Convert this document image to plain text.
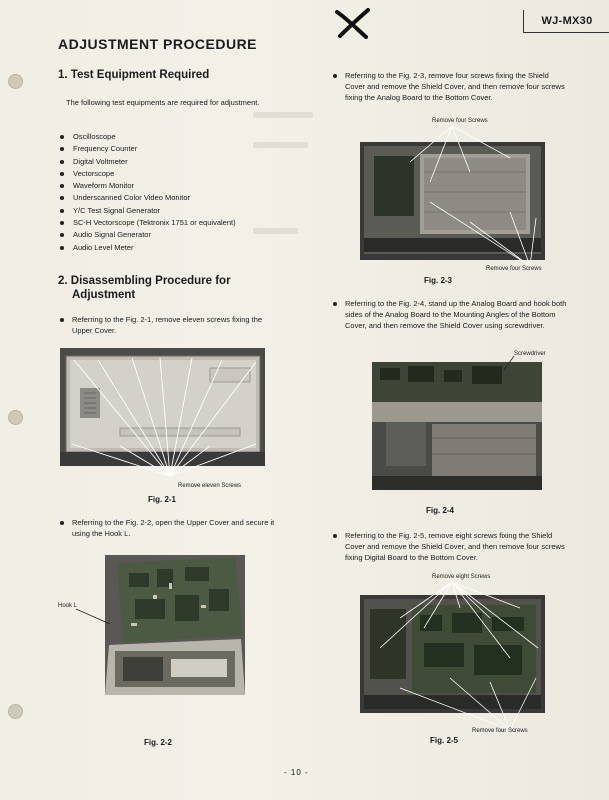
WJ-MX30
ADJUSTMENT PROCEDURE
1. Test Equipment Required
The following test equipments are required for adjustment.
Oscilloscope
Frequency Counter
Digital Voltmeter
Vectorscope
Waveform Monitor
Underscanned Color Video Monitor
Y/C Test Signal Generator
SC-H Vectorscope (Tektronix 1751 or equivalent)
Audio Signal Generator
Audio Level Meter
2. Disassembling Procedure for
Adjustment
Referring to the Fig. 2-1, remove eleven screws fixing the Upper Cover.
Remove eleven Screws
Fig. 2-1
Referring to the Fig. 2-2, open the Upper Cover and secure it using the Hook L.
Hook L
Fig. 2-2
Referring to the Fig. 2-3, remove four screws fixing the Shield Cover and remove the Shield Cover, and then remove four screws fixing the Analog Board to the Bottom Cover.
Remove four Screws
Remove four Screws
Fig. 2-3
Referring to the Fig. 2-4, stand up the Analog Board and hook both sides of the Analog Board to the Mounting Angles of the Bottom Cover, and then remove the Shield Cover using screwdriver.
Screwdriver
Fig. 2-4
Referring to the Fig. 2-5, remove eight screws fixing the Shield Cover and remove the Shield Cover, and then remove four screws fixing Digital Board to the Bottom Cover.
Remove eight Screws
Remove four Screws
Fig. 2-5
- 10 -
